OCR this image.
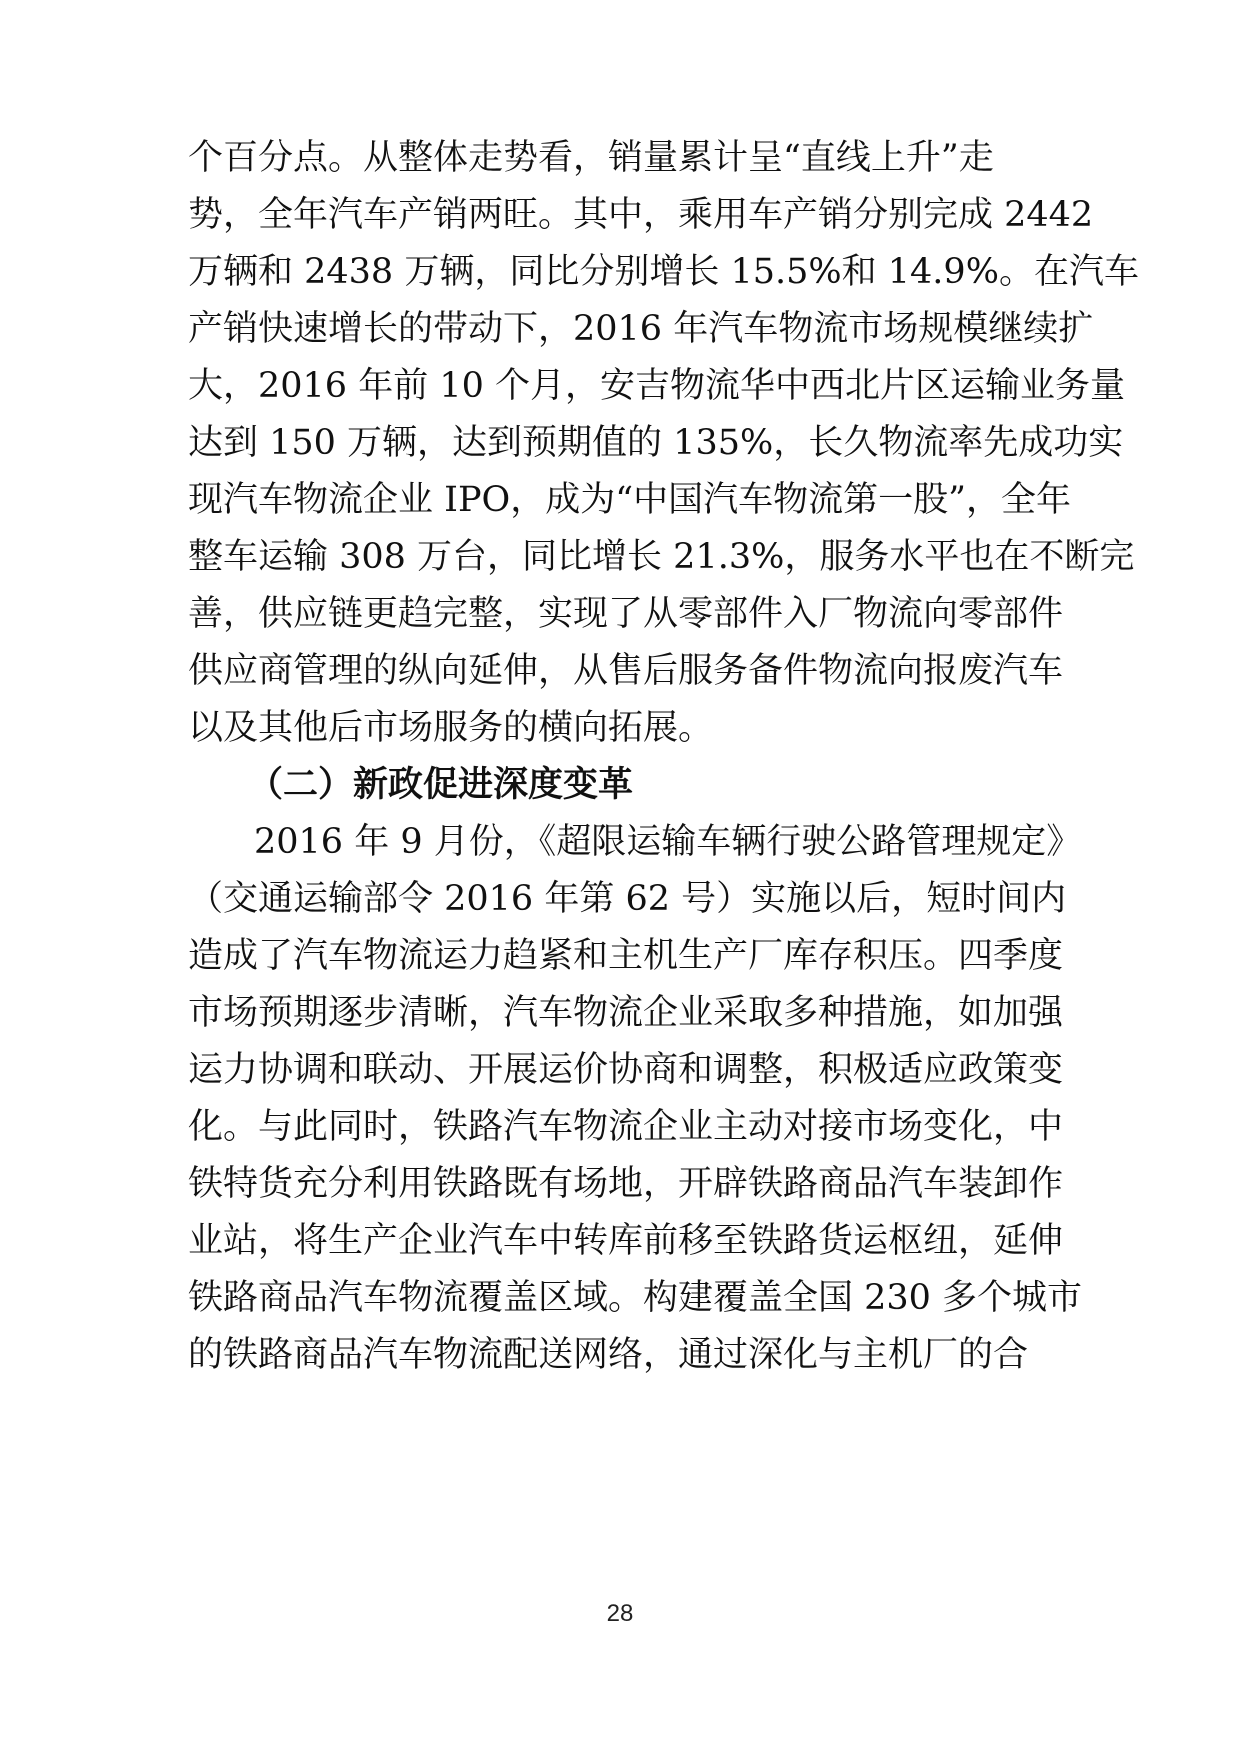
个百分点。从整体走势看，销量累计呈“直线上升”走
势，全年汽车产销两旺。其中，乘用车产销分别完成 2442
万辆和 2438 万辆，同比分别增长 15.5%和 14.9%。在汽车
产销快速增长的带动下，2016 年汽车物流市场规模继续扩
大，2016 年前 10 个月，安吉物流华中西北片区运输业务量
达到 150 万辆，达到预期值的 135%，长久物流率先成功实
现汽车物流企业 IPO，成为“中国汽车物流第一股”，全年
整车运输 308 万台，同比增长 21.3%，服务水平也在不断完
善，供应链更趋完整，实现了从零部件入厂物流向零部件
供应商管理的纵向延伸，从售后服务备件物流向报废汽车
以及其他后市场服务的横向拓展。
（二）新政促进深度变革
2016 年 9 月份，《超限运输车辆行驶公路管理规定》
（交通运输部令 2016 年第 62 号）实施以后，短时间内
造成了汽车物流运力趋紧和主机生产厂库存积压。四季度
市场预期逐步清晰，汽车物流企业采取多种措施，如加强
运力协调和联动、开展运价协商和调整，积极适应政策变
化。与此同时，铁路汽车物流企业主动对接市场变化，中
铁特货充分利用铁路既有场地，开辟铁路商品汽车装卸作
业站，将生产企业汽车中转库前移至铁路货运枢纽，延伸
铁路商品汽车物流覆盖区域。构建覆盖全国 230 多个城市
的铁路商品汽车物流配送网络，通过深化与主机厂的合
28
